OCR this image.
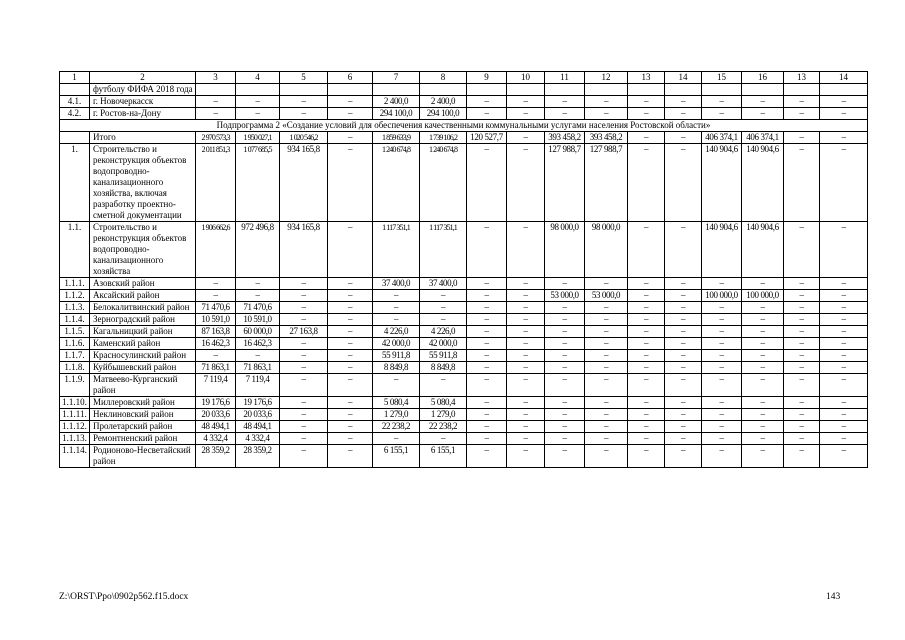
1	2	3	4	5	6	7	8	9	10	11	12	13	14	15	16	13	14
	футболу ФИФА 2018 года																
4.1.	г. Новочеркасск	–	–	–	–	2 400,0	2 400,0	–	–	–	–	–	–	–	–	–	–
4.2.	г. Ростов-на-Дону	–	–	–	–	294 100,0	294 100,0	–	–	–	–	–	–	–	–	–	–
Подпрограмма 2 «Создание условий для обеспечения качественными коммунальными услугами населения Ростовской области»																	
	Итого	2 970 573,3	1 950 027,1	1 020 546,2	–	1 859 633,9	1 739 106,2	120 527,7	–	393 458,2	393 458,2	–	–	406 374,1	406 374,1	–	–
1.	Строительство и реконструкция объектов водопроводно-канализационного хозяйства, включая разработку проектно-сметной документации	2 011 851,3	1 077 685,5	934 165,8	–	1 240 674,8	1 240 674,8	–	–	127 988,7	127 988,7	–	–	140 904,6	140 904,6	–	–
1.1.	Строительство и реконструкция объектов водопроводно-канализационного хозяйства	1 906 662,6	972 496,8	934 165,8	–	1 117 351,1	1 117 351,1	–	–	98 000,0	98 000,0	–	–	140 904,6	140 904,6	–	–
1.1.1.	Азовский район	–	–	–	–	37 400,0	37 400,0	–	–	–	–	–	–	–	–	–	–
1.1.2.	Аксайский район	–	–	–	–	–	–	–	–	53 000,0	53 000,0	–	–	100 000,0	100 000,0	–	–
1.1.3.	Белокалитвинский район	71 470,6	71 470,6	–	–	–	–	–	–	–	–	–	–	–	–	–	–
1.1.4.	Зерноградский район	10 591,0	10 591,0	–	–	–	–	–	–	–	–	–	–	–	–	–	–
1.1.5.	Кагальницкий район	87 163,8	60 000,0	27 163,8	–	4 226,0	4 226,0	–	–	–	–	–	–	–	–	–	–
1.1.6.	Каменский район	16 462,3	16 462,3	–	–	42 000,0	42 000,0	–	–	–	–	–	–	–	–	–	–
1.1.7.	Красносулинский район	–	–	–	–	55 911,8	55 911,8	–	–	–	–	–	–	–	–	–	–
1.1.8.	Куйбышевский район	71 863,1	71 863,1	–	–	8 849,8	8 849,8	–	–	–	–	–	–	–	–	–	–
1.1.9.	Матвеево-Курганский район	7 119,4	7 119,4	–	–	–	–	–	–	–	–	–	–	–	–	–	–
1.1.10.	Миллеровский район	19 176,6	19 176,6	–	–	5 080,4	5 080,4	–	–	–	–	–	–	–	–	–	–
1.1.11.	Неклиновский район	20 033,6	20 033,6	–	–	1 279,0	1 279,0	–	–	–	–	–	–	–	–	–	–
1.1.12.	Пролетарский район	48 494,1	48 494,1	–	–	22 238,2	22 238,2	–	–	–	–	–	–	–	–	–	–
1.1.13.	Ремонтненский район	4 332,4	4 332,4	–	–	–	–	–	–	–	–	–	–	–	–	–	–
1.1.14.	Родионово-Несветайский район	28 359,2	28 359,2	–	–	6 155,1	6 155,1	–	–	–	–	–	–	–	–	–	–
Z:\ORST\Ppo\0902p562.f15.docx	143
